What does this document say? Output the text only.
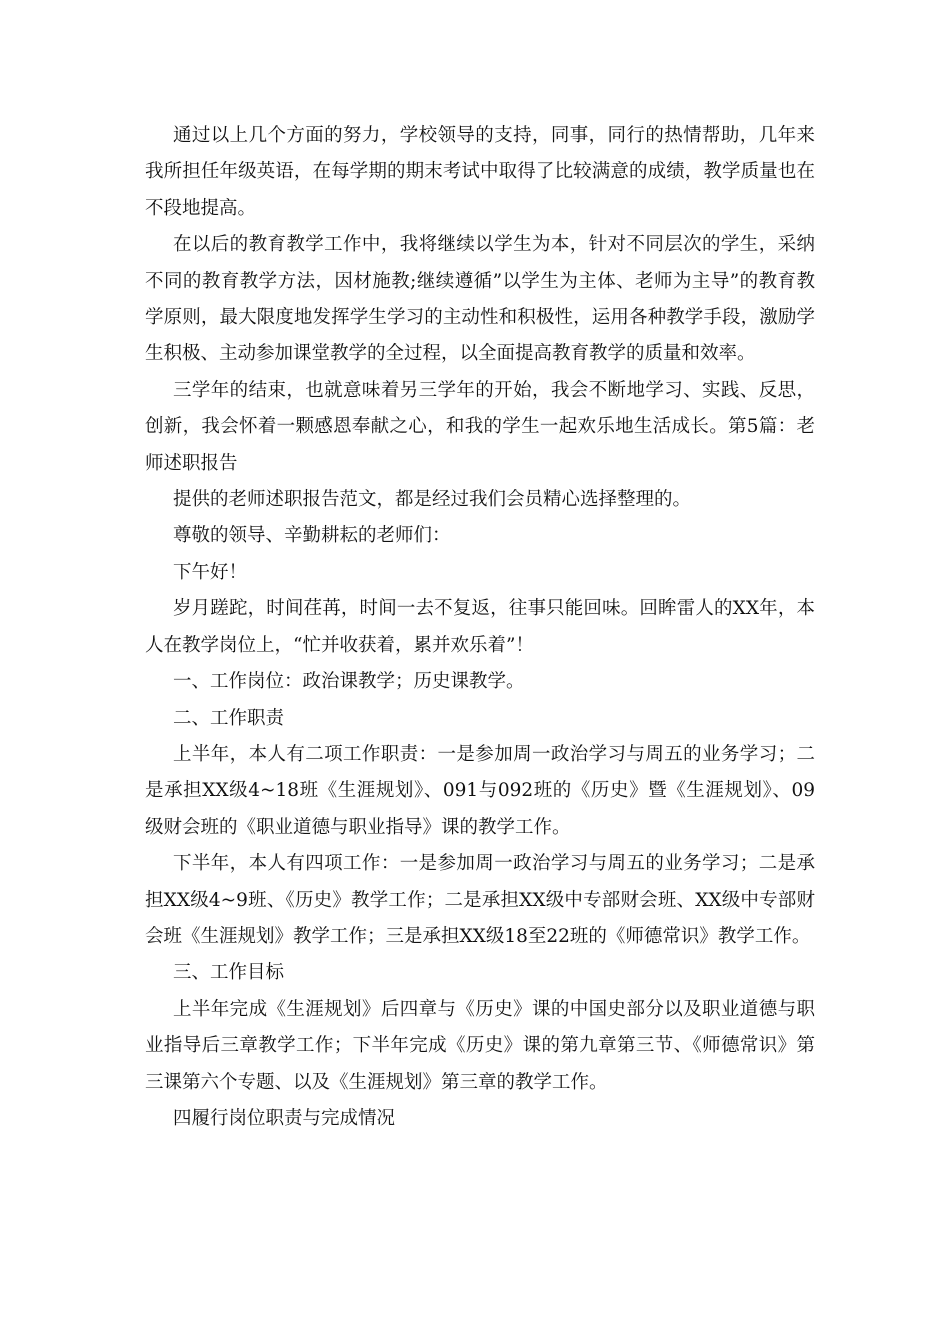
通过以上几个方面的努力，学校领导的支持，同事，同行的热情帮助，几年来我所担任年级英语，在每学期的期末考试中取得了比较满意的成绩，教学质量也在不段地提高。

在以后的教育教学工作中，我将继续以学生为本，针对不同层次的学生，采纳不同的教育教学方法，因材施教;继续遵循”以学生为主体、老师为主导”的教育教学原则，最大限度地发挥学生学习的主动性和积极性，运用各种教学手段，激励学生积极、主动参加课堂教学的全过程，以全面提高教育教学的质量和效率。

三学年的结束，也就意味着另三学年的开始，我会不断地学习、实践、反思，创新，我会怀着一颗感恩奉献之心，和我的学生一起欢乐地生活成长。第5篇：老师述职报告

提供的老师述职报告范文，都是经过我们会员精心选择整理的。

尊敬的领导、辛勤耕耘的老师们：

下午好！

岁月蹉跎，时间荏苒，时间一去不复返，往事只能回味。回眸雷人的XX年，本人在教学岗位上，“忙并收获着，累并欢乐着”！

一、工作岗位：政治课教学；历史课教学。

二、工作职责

上半年，本人有二项工作职责：一是参加周一政治学习与周五的业务学习；二是承担XX级4~18班《生涯规划》、091与092班的《历史》暨《生涯规划》、09级财会班的《职业道德与职业指导》课的教学工作。

下半年，本人有四项工作：一是参加周一政治学习与周五的业务学习；二是承担XX级4~9班、《历史》教学工作；二是承担XX级中专部财会班、XX级中专部财会班《生涯规划》教学工作；三是承担XX级18至22班的《师德常识》教学工作。

三、工作目标

上半年完成《生涯规划》后四章与《历史》课的中国史部分以及职业道德与职业指导后三章教学工作；下半年完成《历史》课的第九章第三节、《师德常识》第三课第六个专题、以及《生涯规划》第三章的教学工作。

四履行岗位职责与完成情况
